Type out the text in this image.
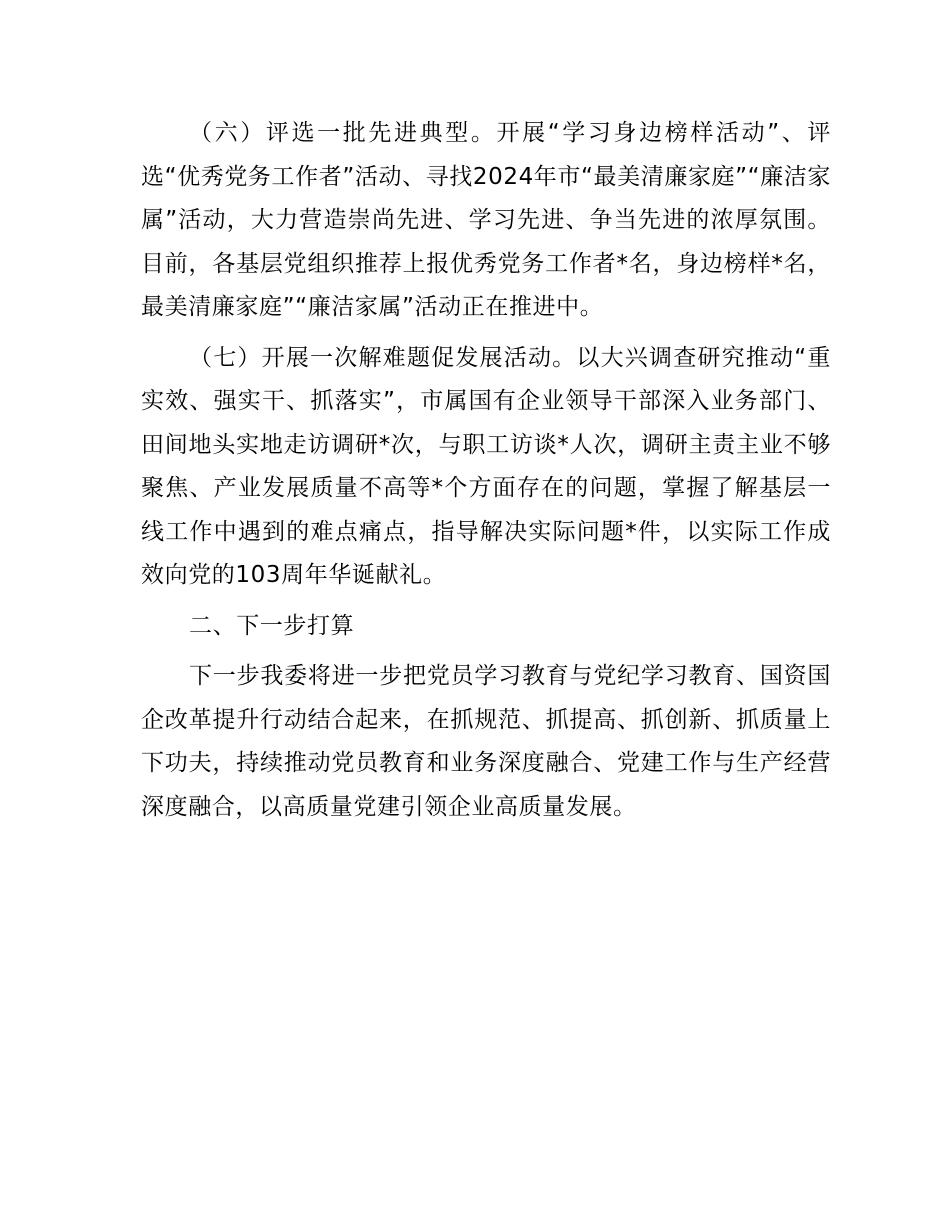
（六）评选一批先进典型。开展“学习身边榜样活动”、评选“优秀党务工作者”活动、寻找2024年市“最美清廉家庭”“廉洁家属”活动，大力营造崇尚先进、学习先进、争当先进的浓厚氛围。目前，各基层党组织推荐上报优秀党务工作者*名，身边榜样*名，最美清廉家庭”“廉洁家属”活动正在推进中。

（七）开展一次解难题促发展活动。以大兴调查研究推动“重实效、强实干、抓落实”，市属国有企业领导干部深入业务部门、田间地头实地走访调研*次，与职工访谈*人次，调研主责主业不够聚焦、产业发展质量不高等*个方面存在的问题，掌握了解基层一线工作中遇到的难点痛点，指导解决实际问题*件，以实际工作成效向党的103周年华诞献礼。

二、下一步打算

下一步我委将进一步把党员学习教育与党纪学习教育、国资国企改革提升行动结合起来，在抓规范、抓提高、抓创新、抓质量上下功夫，持续推动党员教育和业务深度融合、党建工作与生产经营深度融合，以高质量党建引领企业高质量发展。
